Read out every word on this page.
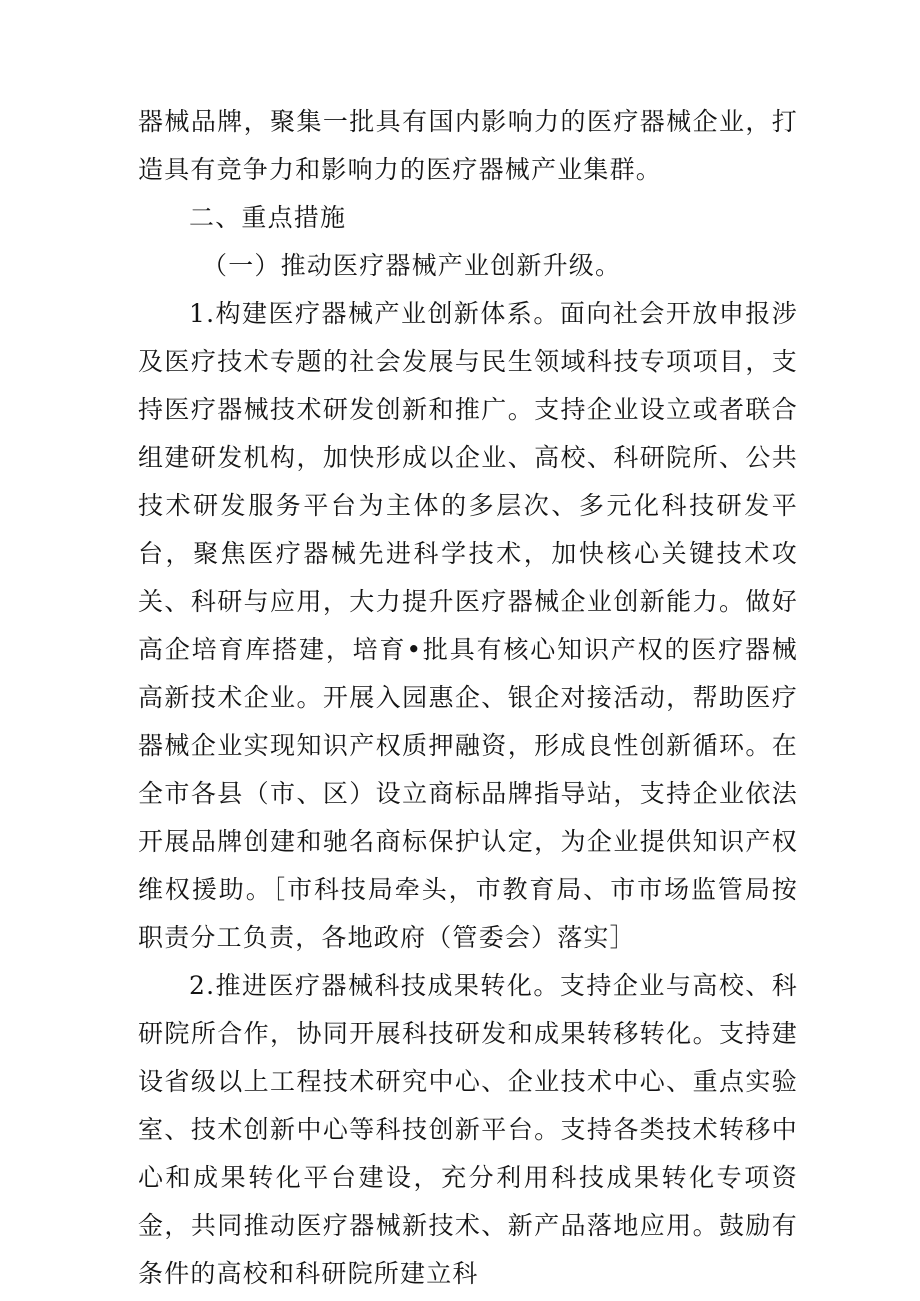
器械品牌，聚集一批具有国内影响力的医疗器械企业，打造具有竞争力和影响力的医疗器械产业集群。

二、重点措施

（一）推动医疗器械产业创新升级。

1.构建医疗器械产业创新体系。面向社会开放申报涉及医疗技术专题的社会发展与民生领域科技专项项目，支持医疗器械技术研发创新和推广。支持企业设立或者联合组建研发机构，加快形成以企业、高校、科研院所、公共技术研发服务平台为主体的多层次、多元化科技研发平台，聚焦医疗器械先进科学技术，加快核心关键技术攻关、科研与应用，大力提升医疗器械企业创新能力。做好高企培育库搭建，培育•批具有核心知识产权的医疗器械高新技术企业。开展入园惠企、银企对接活动，帮助医疗器械企业实现知识产权质押融资，形成良性创新循环。在全市各县（市、区）设立商标品牌指导站，支持企业依法开展品牌创建和驰名商标保护认定，为企业提供知识产权维权援助。［市科技局牵头，市教育局、市市场监管局按职责分工负责，各地政府（管委会）落实］

2.推进医疗器械科技成果转化。支持企业与高校、科研院所合作，协同开展科技研发和成果转移转化。支持建设省级以上工程技术研究中心、企业技术中心、重点实验室、技术创新中心等科技创新平台。支持各类技术转移中心和成果转化平台建设，充分利用科技成果转化专项资金，共同推动医疗器械新技术、新产品落地应用。鼓励有条件的高校和科研院所建立科
